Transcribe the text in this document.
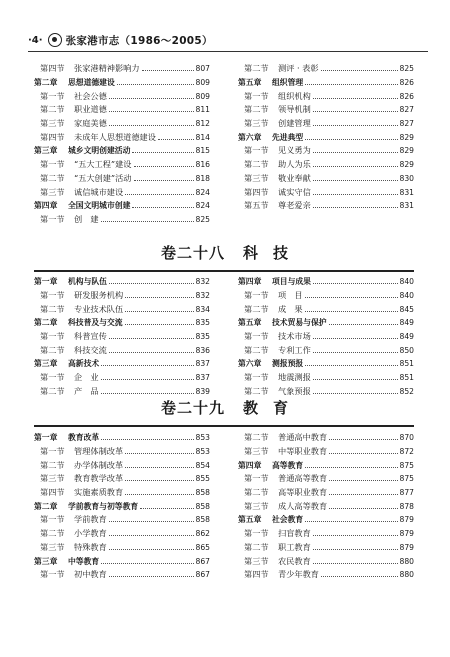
·4· 张家港市志（1986～2005）
第四节	张家港精神影响力	807
第二章	思想道德建设	809
第一节	社会公德	809
第二节	职业道德	811
第三节	家庭美德	812
第四节	未成年人思想道德建设	814
第三章	城乡文明创建活动	815
第一节	“五大工程”建设	816
第二节	“五大创建”活动	818
第三节	诚信城市建设	824
第四章	全国文明城市创建	824
第一节	创　建	825
第二节	测评 · 表彰	825
第五章	组织管理	826
第一节	组织机构	826
第二节	领导机制	827
第三节	创建管理	827
第六章	先进典型	829
第一节	见义勇为	829
第二节	助人为乐	829
第三节	敬业奉献	830
第四节	诚实守信	831
第五节	尊老爱亲	831
卷二十八 科 技
第一章	机构与队伍	832
第一节	研发服务机构	832
第二节	专业技术队伍	834
第二章	科技普及与交流	835
第一节	科普宣传	835
第二节	科技交流	836
第三章	高新技术	837
第一节	企　业	837
第二节	产　品	839
第四章	项目与成果	840
第一节	项　目	840
第二节	成　果	845
第五章	技术贸易与保护	849
第一节	技术市场	849
第二节	专利工作	850
第六章	测报预报	851
第一节	地震测报	851
第二节	气象预报	852
卷二十九 教 育
第一章	教育改革	853
第一节	管理体制改革	853
第二节	办学体制改革	854
第三节	教育教学改革	855
第四节	实施素质教育	858
第二章	学前教育与初等教育	858
第一节	学前教育	858
第二节	小学教育	862
第三节	特殊教育	865
第三章	中等教育	867
第一节	初中教育	867
第二节	普通高中教育	870
第三节	中等职业教育	872
第四章	高等教育	875
第一节	普通高等教育	875
第二节	高等职业教育	877
第三节	成人高等教育	878
第五章	社会教育	879
第一节	扫盲教育	879
第二节	职工教育	879
第三节	农民教育	880
第四节	青少年教育	880
